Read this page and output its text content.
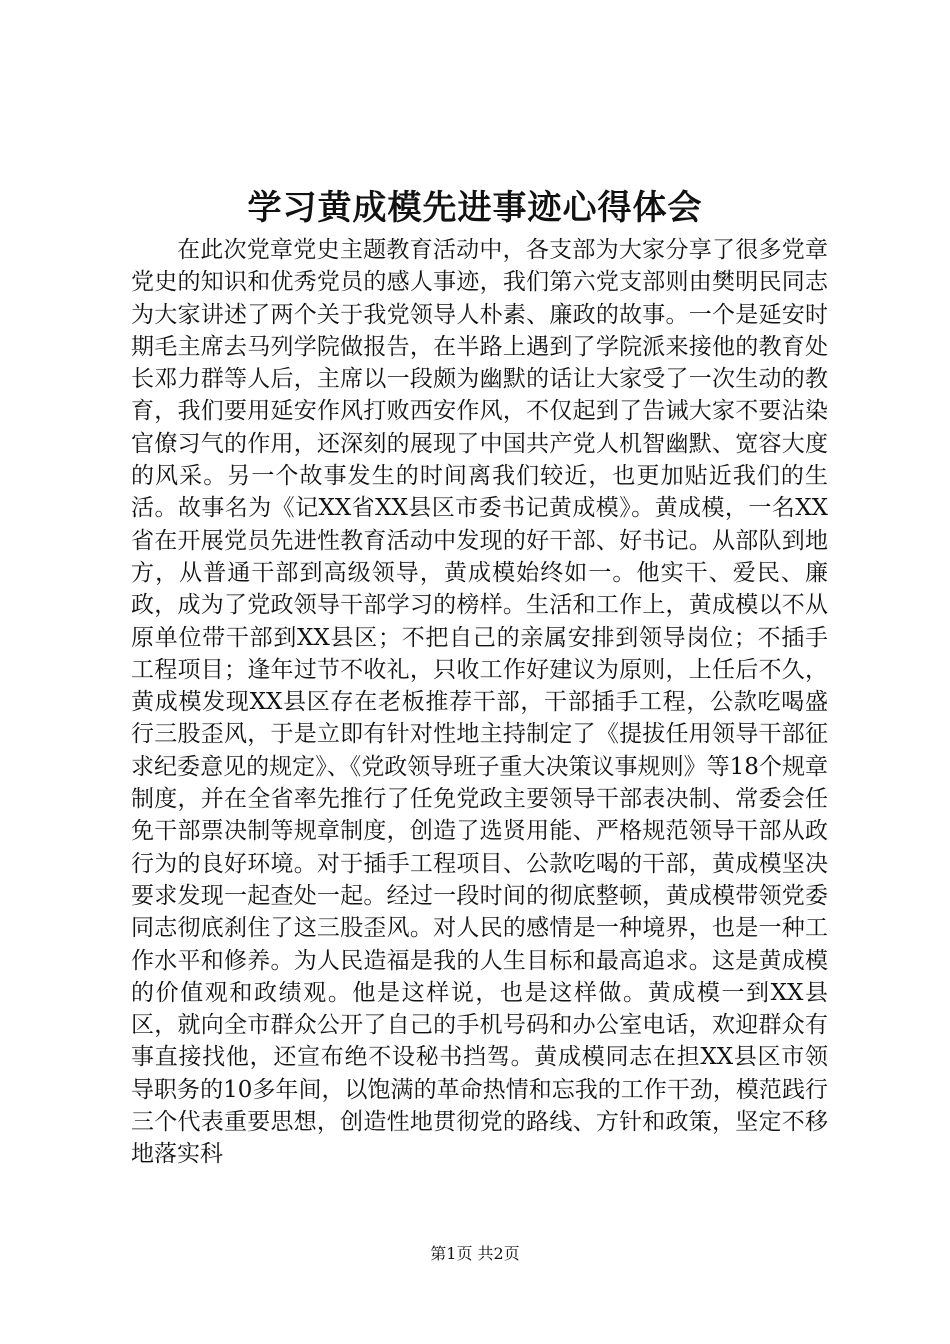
学习黄成模先进事迹心得体会

在此次党章党史主题教育活动中，各支部为大家分享了很多党章党史的知识和优秀党员的感人事迹，我们第六党支部则由樊明民同志为大家讲述了两个关于我党领导人朴素、廉政的故事。一个是延安时期毛主席去马列学院做报告，在半路上遇到了学院派来接他的教育处长邓力群等人后，主席以一段颇为幽默的话让大家受了一次生动的教育，我们要用延安作风打败西安作风，不仅起到了告诫大家不要沾染官僚习气的作用，还深刻的展现了中国共产党人机智幽默、宽容大度的风采。另一个故事发生的时间离我们较近，也更加贴近我们的生活。故事名为《记XX省XX县区市委书记黄成模》。黄成模，一名XX省在开展党员先进性教育活动中发现的好干部、好书记。从部队到地方，从普通干部到高级领导，黄成模始终如一。他实干、爱民、廉政，成为了党政领导干部学习的榜样。生活和工作上，黄成模以不从原单位带干部到XX县区；不把自己的亲属安排到领导岗位；不插手工程项目；逢年过节不收礼，只收工作好建议为原则，上任后不久，黄成模发现XX县区存在老板推荐干部，干部插手工程，公款吃喝盛行三股歪风，于是立即有针对性地主持制定了《提拔任用领导干部征求纪委意见的规定》、《党政领导班子重大决策议事规则》等18个规章制度，并在全省率先推行了任免党政主要领导干部表决制、常委会任免干部票决制等规章制度，创造了选贤用能、严格规范领导干部从政行为的良好环境。对于插手工程项目、公款吃喝的干部，黄成模坚决要求发现一起查处一起。经过一段时间的彻底整顿，黄成模带领党委同志彻底刹住了这三股歪风。对人民的感情是一种境界，也是一种工作水平和修养。为人民造福是我的人生目标和最高追求。这是黄成模的价值观和政绩观。他是这样说，也是这样做。黄成模一到XX县区，就向全市群众公开了自己的手机号码和办公室电话，欢迎群众有事直接找他，还宣布绝不设秘书挡驾。黄成模同志在担XX县区市领导职务的10多年间，以饱满的革命热情和忘我的工作干劲，模范践行三个代表重要思想，创造性地贯彻党的路线、方针和政策，坚定不移地落实科

第1页 共2页
